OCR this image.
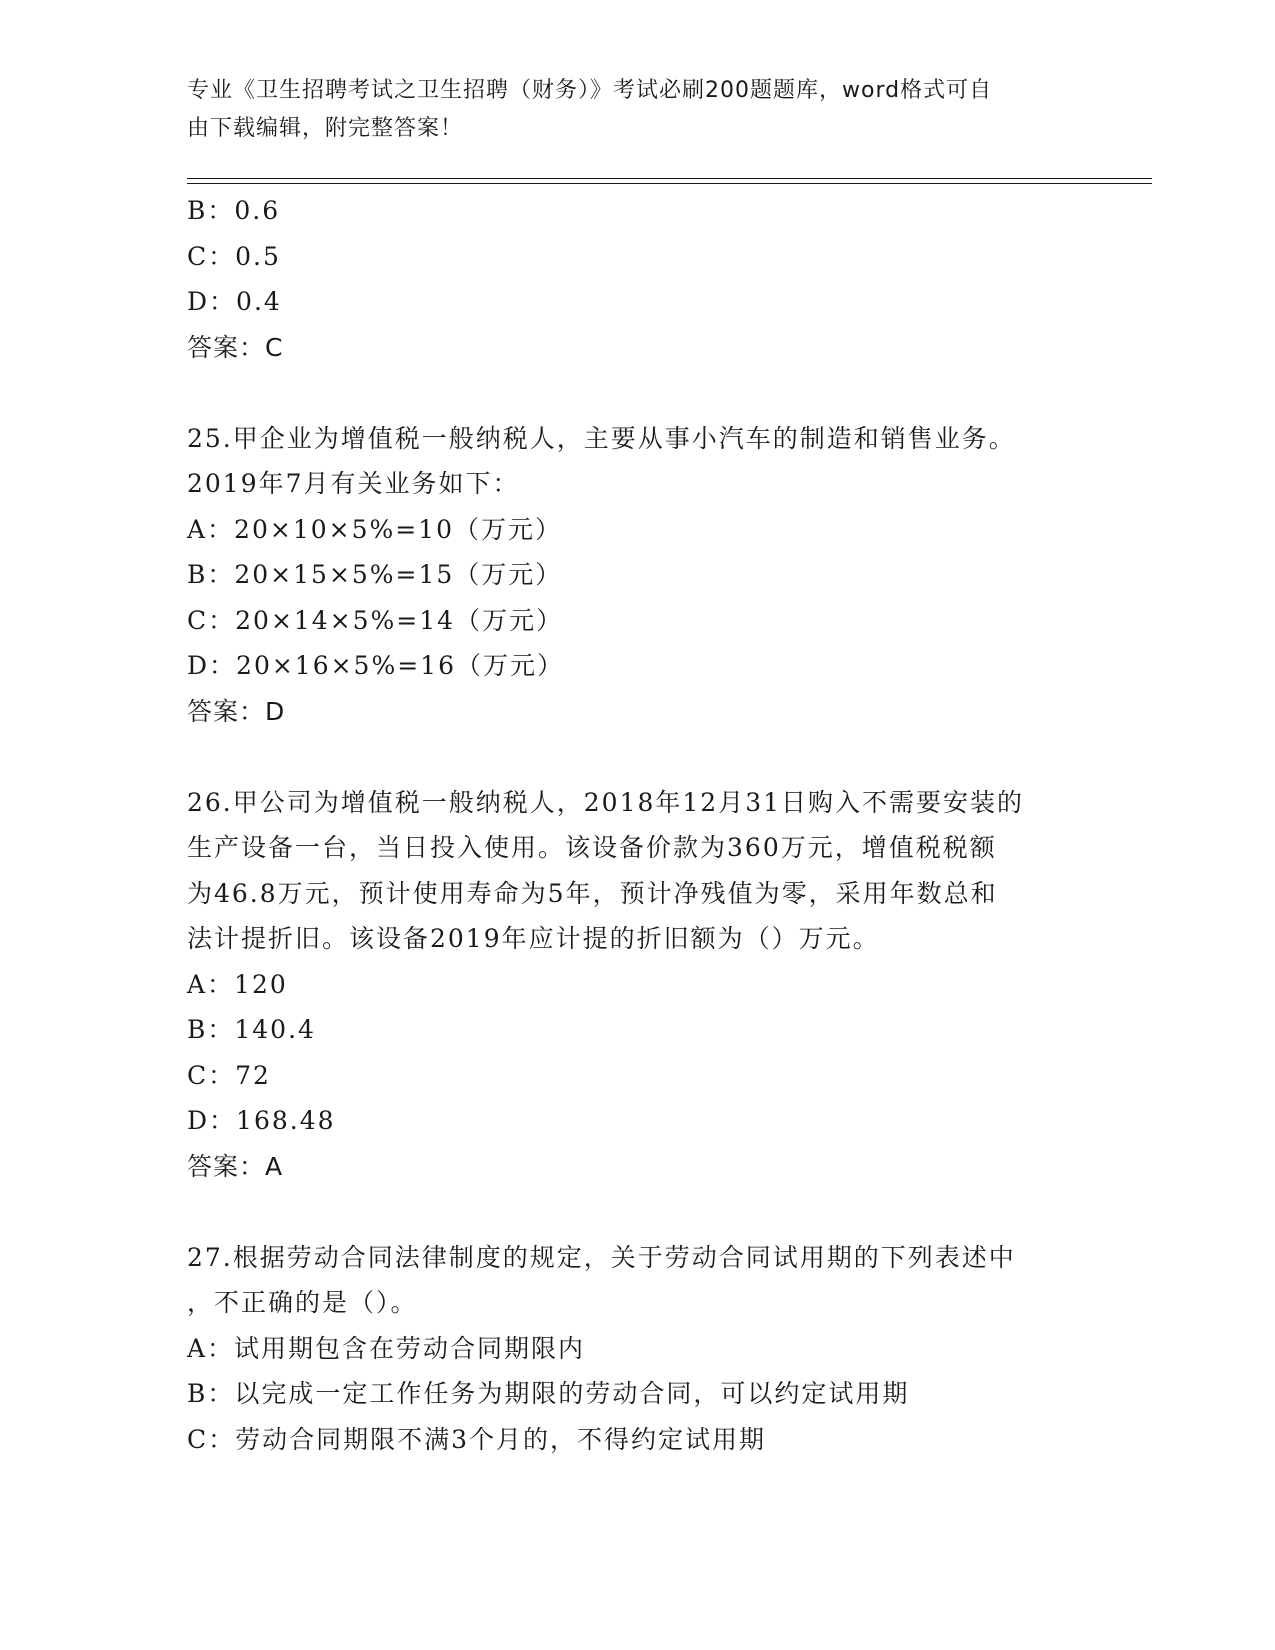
专业《卫生招聘考试之卫生招聘（财务）》考试必刷200题题库，word格式可自
由下载编辑，附完整答案！
B：0.6
C：0.5
D：0.4
答案：C
25.甲企业为增值税一般纳税人，主要从事小汽车的制造和销售业务。
2019年7月有关业务如下：
A：20×10×5%=10（万元）
B：20×15×5%=15（万元）
C：20×14×5%=14（万元）
D：20×16×5%=16（万元）
答案：D
26.甲公司为增值税一般纳税人，2018年12月31日购入不需要安装的
生产设备一台，当日投入使用。该设备价款为360万元，增值税税额
为46.8万元，预计使用寿命为5年，预计净残值为零，采用年数总和
法计提折旧。该设备2019年应计提的折旧额为（）万元。
A：120
B：140.4
C：72
D：168.48
答案：A
27.根据劳动合同法律制度的规定，关于劳动合同试用期的下列表述中
，不正确的是（）。
A：试用期包含在劳动合同期限内
B：以完成一定工作任务为期限的劳动合同，可以约定试用期
C：劳动合同期限不满3个月的，不得约定试用期
